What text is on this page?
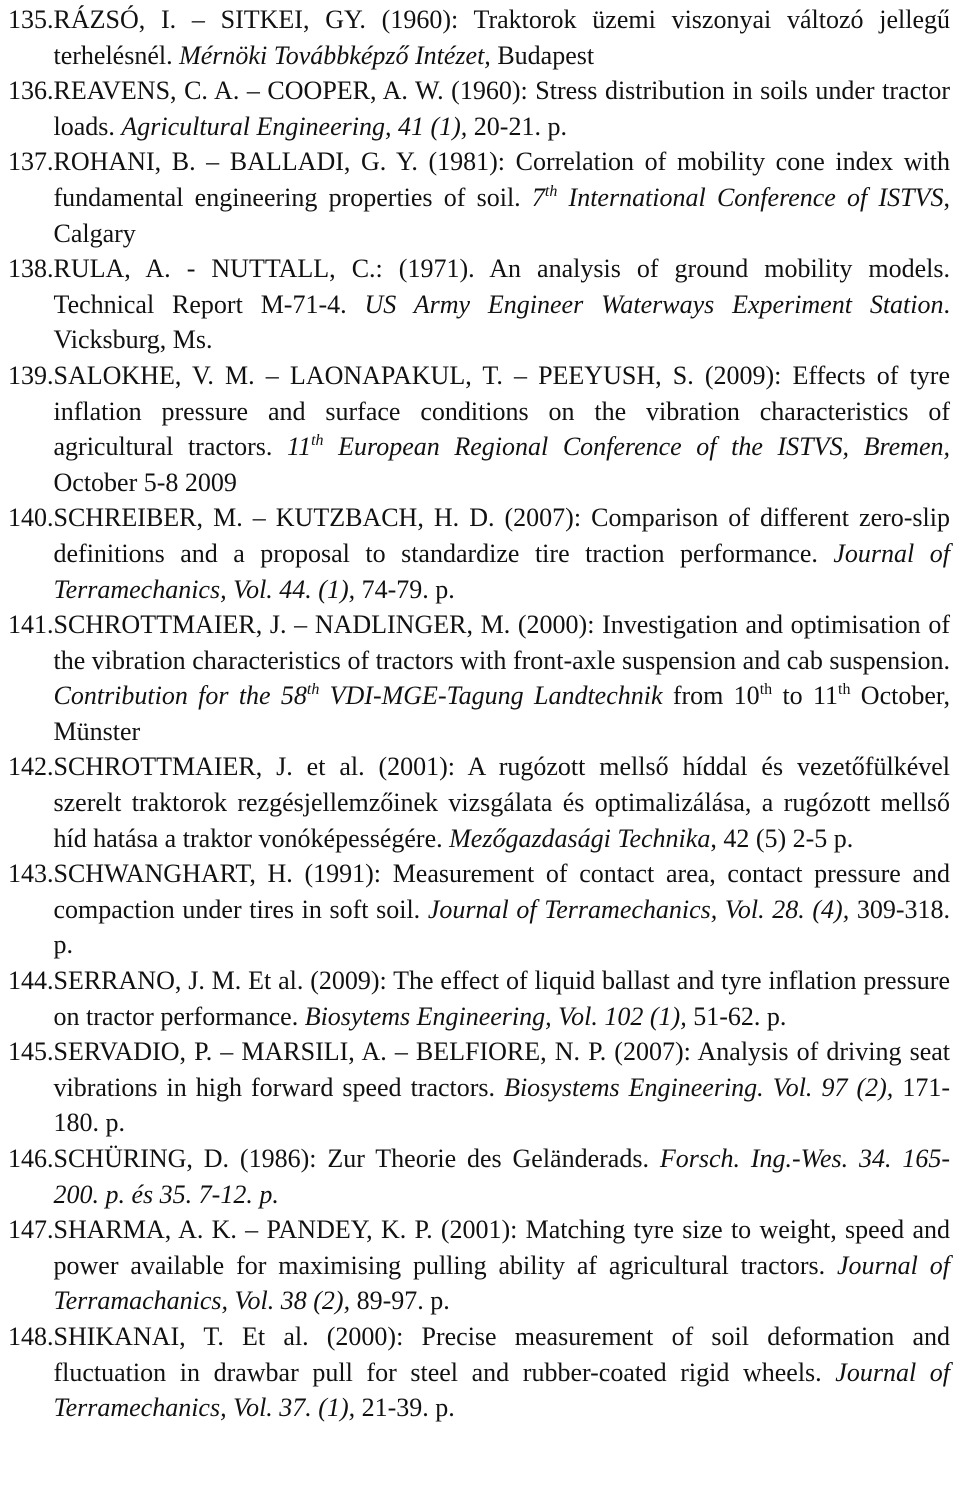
135. RÁZSÓ, I. – SITKEI, GY. (1960): Traktorok üzemi viszonyai változó jellegű terhelésnél. Mérnöki Továbbképző Intézet, Budapest
136. REAVENS, C. A. – COOPER, A. W. (1960): Stress distribution in soils under tractor loads. Agricultural Engineering, 41 (1), 20-21. p.
137. ROHANI, B. – BALLADI, G. Y. (1981): Correlation of mobility cone index with fundamental engineering properties of soil. 7th International Conference of ISTVS, Calgary
138. RULA, A. - NUTTALL, C.: (1971). An analysis of ground mobility models. Technical Report M-71-4. US Army Engineer Waterways Experiment Station. Vicksburg, Ms.
139. SALOKHE, V. M. – LAONAPAKUL, T. – PEEYUSH, S. (2009): Effects of tyre inflation pressure and surface conditions on the vibration characteristics of agricultural tractors. 11th European Regional Conference of the ISTVS, Bremen, October 5-8 2009
140. SCHREIBER, M. – KUTZBACH, H. D. (2007): Comparison of different zero-slip definitions and a proposal to standardize tire traction performance. Journal of Terramechanics, Vol. 44. (1), 74-79. p.
141. SCHROTTMAIER, J. – NADLINGER, M. (2000): Investigation and optimisation of the vibration characteristics of tractors with front-axle suspension and cab suspension. Contribution for the 58th VDI-MGE-Tagung Landtechnik from 10th to 11th October, Münster
142. SCHROTTMAIER, J. et al. (2001): A rugózott mellső híddal és vezetőfülkével szerelt traktorok rezgésjellemzőinek vizsgálata és optimalizálása, a rugózott mellső híd hatása a traktor vonóképességére. Mezőgazdasági Technika, 42 (5) 2-5 p.
143. SCHWANGHART, H. (1991): Measurement of contact area, contact pressure and compaction under tires in soft soil. Journal of Terramechanics, Vol. 28. (4), 309-318. p.
144. SERRANO, J. M. Et al. (2009): The effect of liquid ballast and tyre inflation pressure on tractor performance. Biosytems Engineering, Vol. 102 (1), 51-62. p.
145. SERVADIO, P. – MARSILI, A. – BELFIORE, N. P. (2007): Analysis of driving seat vibrations in high forward speed tractors. Biosystems Engineering. Vol. 97 (2), 171-180. p.
146. SCHÜRING, D. (1986): Zur Theorie des Geländerads. Forsch. Ing.-Wes. 34. 165-200. p. és 35. 7-12. p.
147. SHARMA, A. K. – PANDEY, K. P. (2001): Matching tyre size to weight, speed and power available for maximising pulling ability af agricultural tractors. Journal of Terramachanics, Vol. 38 (2), 89-97. p.
148. SHIKANAI, T. Et al. (2000): Precise measurement of soil deformation and fluctuation in drawbar pull for steel and rubber-coated rigid wheels. Journal of Terramechanics, Vol. 37. (1), 21-39. p.
